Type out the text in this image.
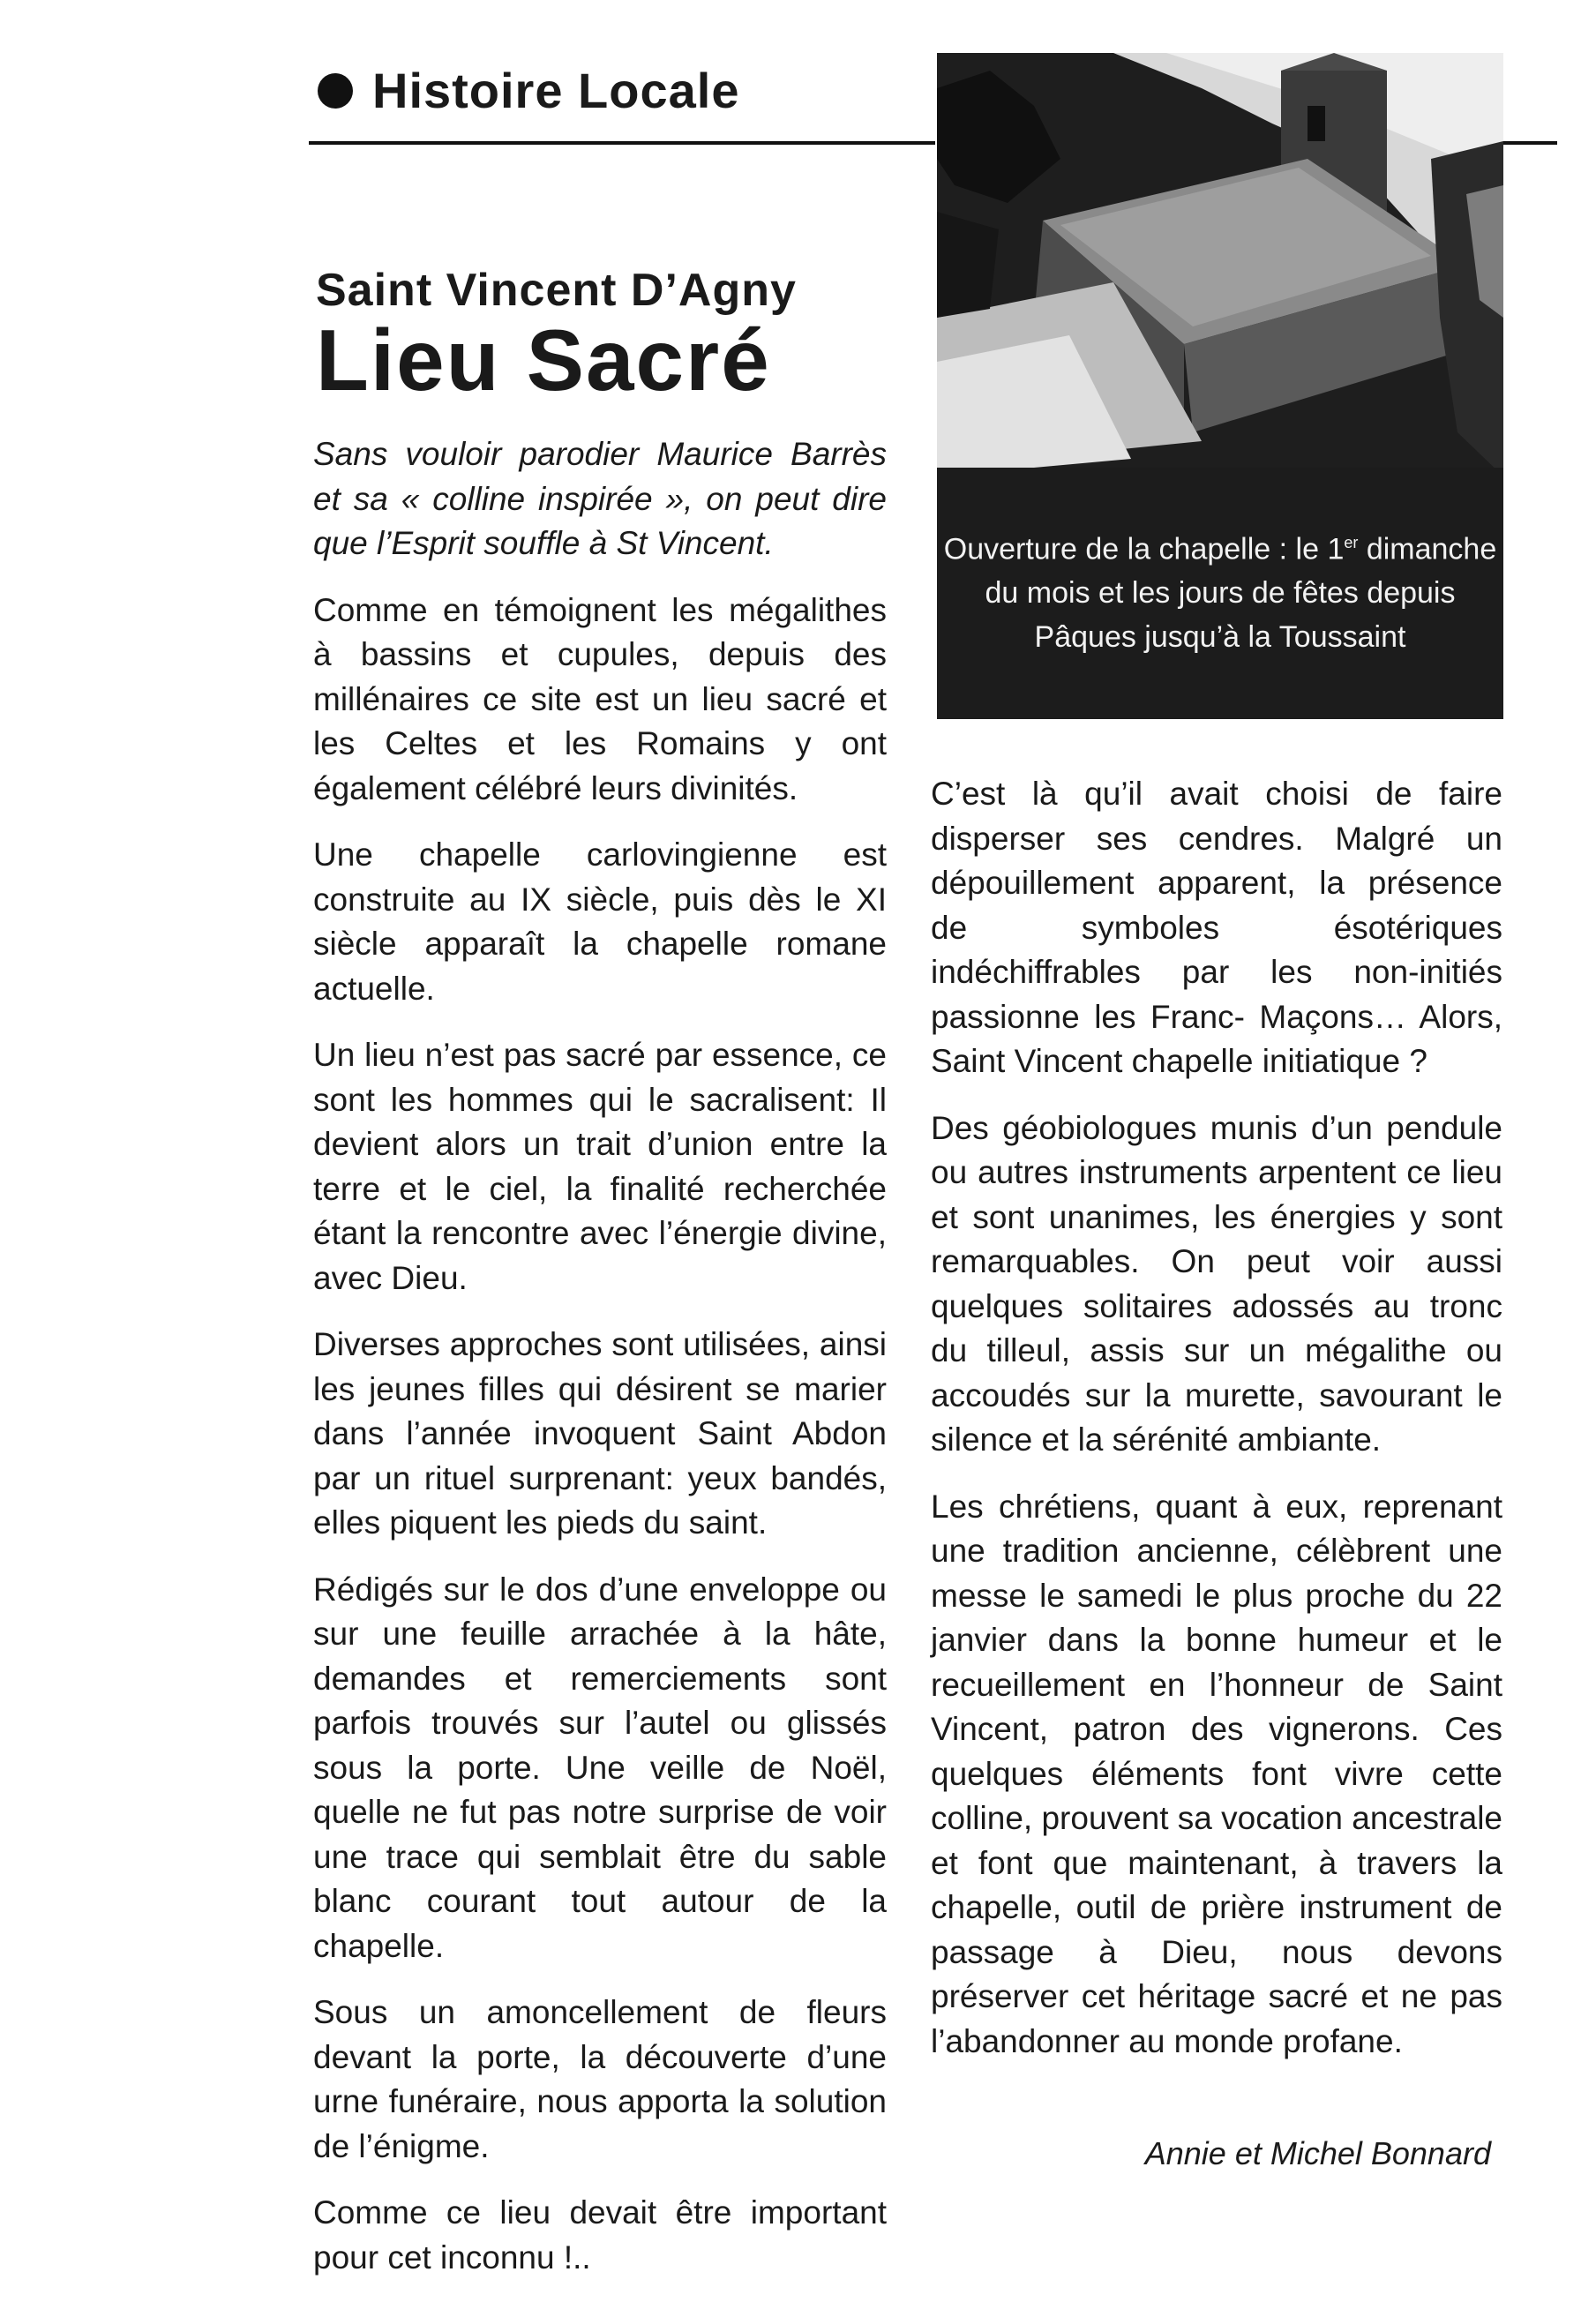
Histoire Locale
Saint Vincent D’Agny
Lieu Sacré
Ouverture de la chapelle : le 1er dimanche du mois et les jours de fêtes depuis Pâques jusqu’à la Toussaint

Sans vouloir parodier Maurice Barrès et sa « colline inspirée », on peut dire que l’Esprit souffle à St Vincent.

Comme en témoignent les mégalithes à bassins et cupules, depuis des millénaires ce site est un lieu sacré et les Celtes et les Romains y ont également célébré leurs divinités.

Une chapelle carlovingienne est construite au IX siècle, puis dès le XI siècle apparaît la chapelle romane actuelle.

Un lieu n’est pas sacré par essence, ce sont les hommes qui le sacralisent: Il devient alors un trait d’union entre la terre et le ciel, la finalité recherchée étant la rencontre avec l’énergie divine, avec Dieu.

Diverses approches sont utilisées, ainsi les jeunes filles qui désirent se marier dans l’année invoquent Saint Abdon par un rituel surprenant: yeux bandés, elles piquent les pieds du saint.

Rédigés sur le dos d’une enveloppe ou sur une feuille arrachée à la hâte, demandes et remerciements sont parfois trouvés sur l’autel ou glissés sous la porte. Une veille de Noël, quelle ne fut pas notre surprise de voir une trace qui semblait être du sable blanc courant tout autour de la chapelle.

Sous un amoncellement de fleurs devant la porte, la découverte d’une urne funéraire, nous apporta la solution de l’énigme.

Comme ce lieu devait être important pour cet inconnu !..

C’est là qu’il avait choisi de faire disperser ses cendres. Malgré un dépouillement apparent, la présence de symboles ésotériques indéchiffrables par les non-initiés passionne les Franc- Maçons… Alors, Saint Vincent chapelle initiatique ?

Des géobiologues munis d’un pendule ou autres instruments arpentent ce lieu et sont unanimes, les énergies y sont remarquables. On peut voir aussi quelques solitaires adossés au tronc du tilleul, assis sur un mégalithe ou accoudés sur la murette, savourant le silence et la sérénité ambiante.

Les chrétiens, quant à eux, reprenant une tradition ancienne, célèbrent une messe le samedi le plus proche du 22 janvier dans la bonne humeur et le recueillement en l’honneur de Saint Vincent, patron des vignerons. Ces quelques éléments font vivre cette colline, prouvent sa vocation ancestrale et font que maintenant, à travers la chapelle, outil de prière instrument de passage à Dieu, nous devons préserver cet héritage sacré et ne pas l’abandonner au monde profane.

Annie et Michel Bonnard
